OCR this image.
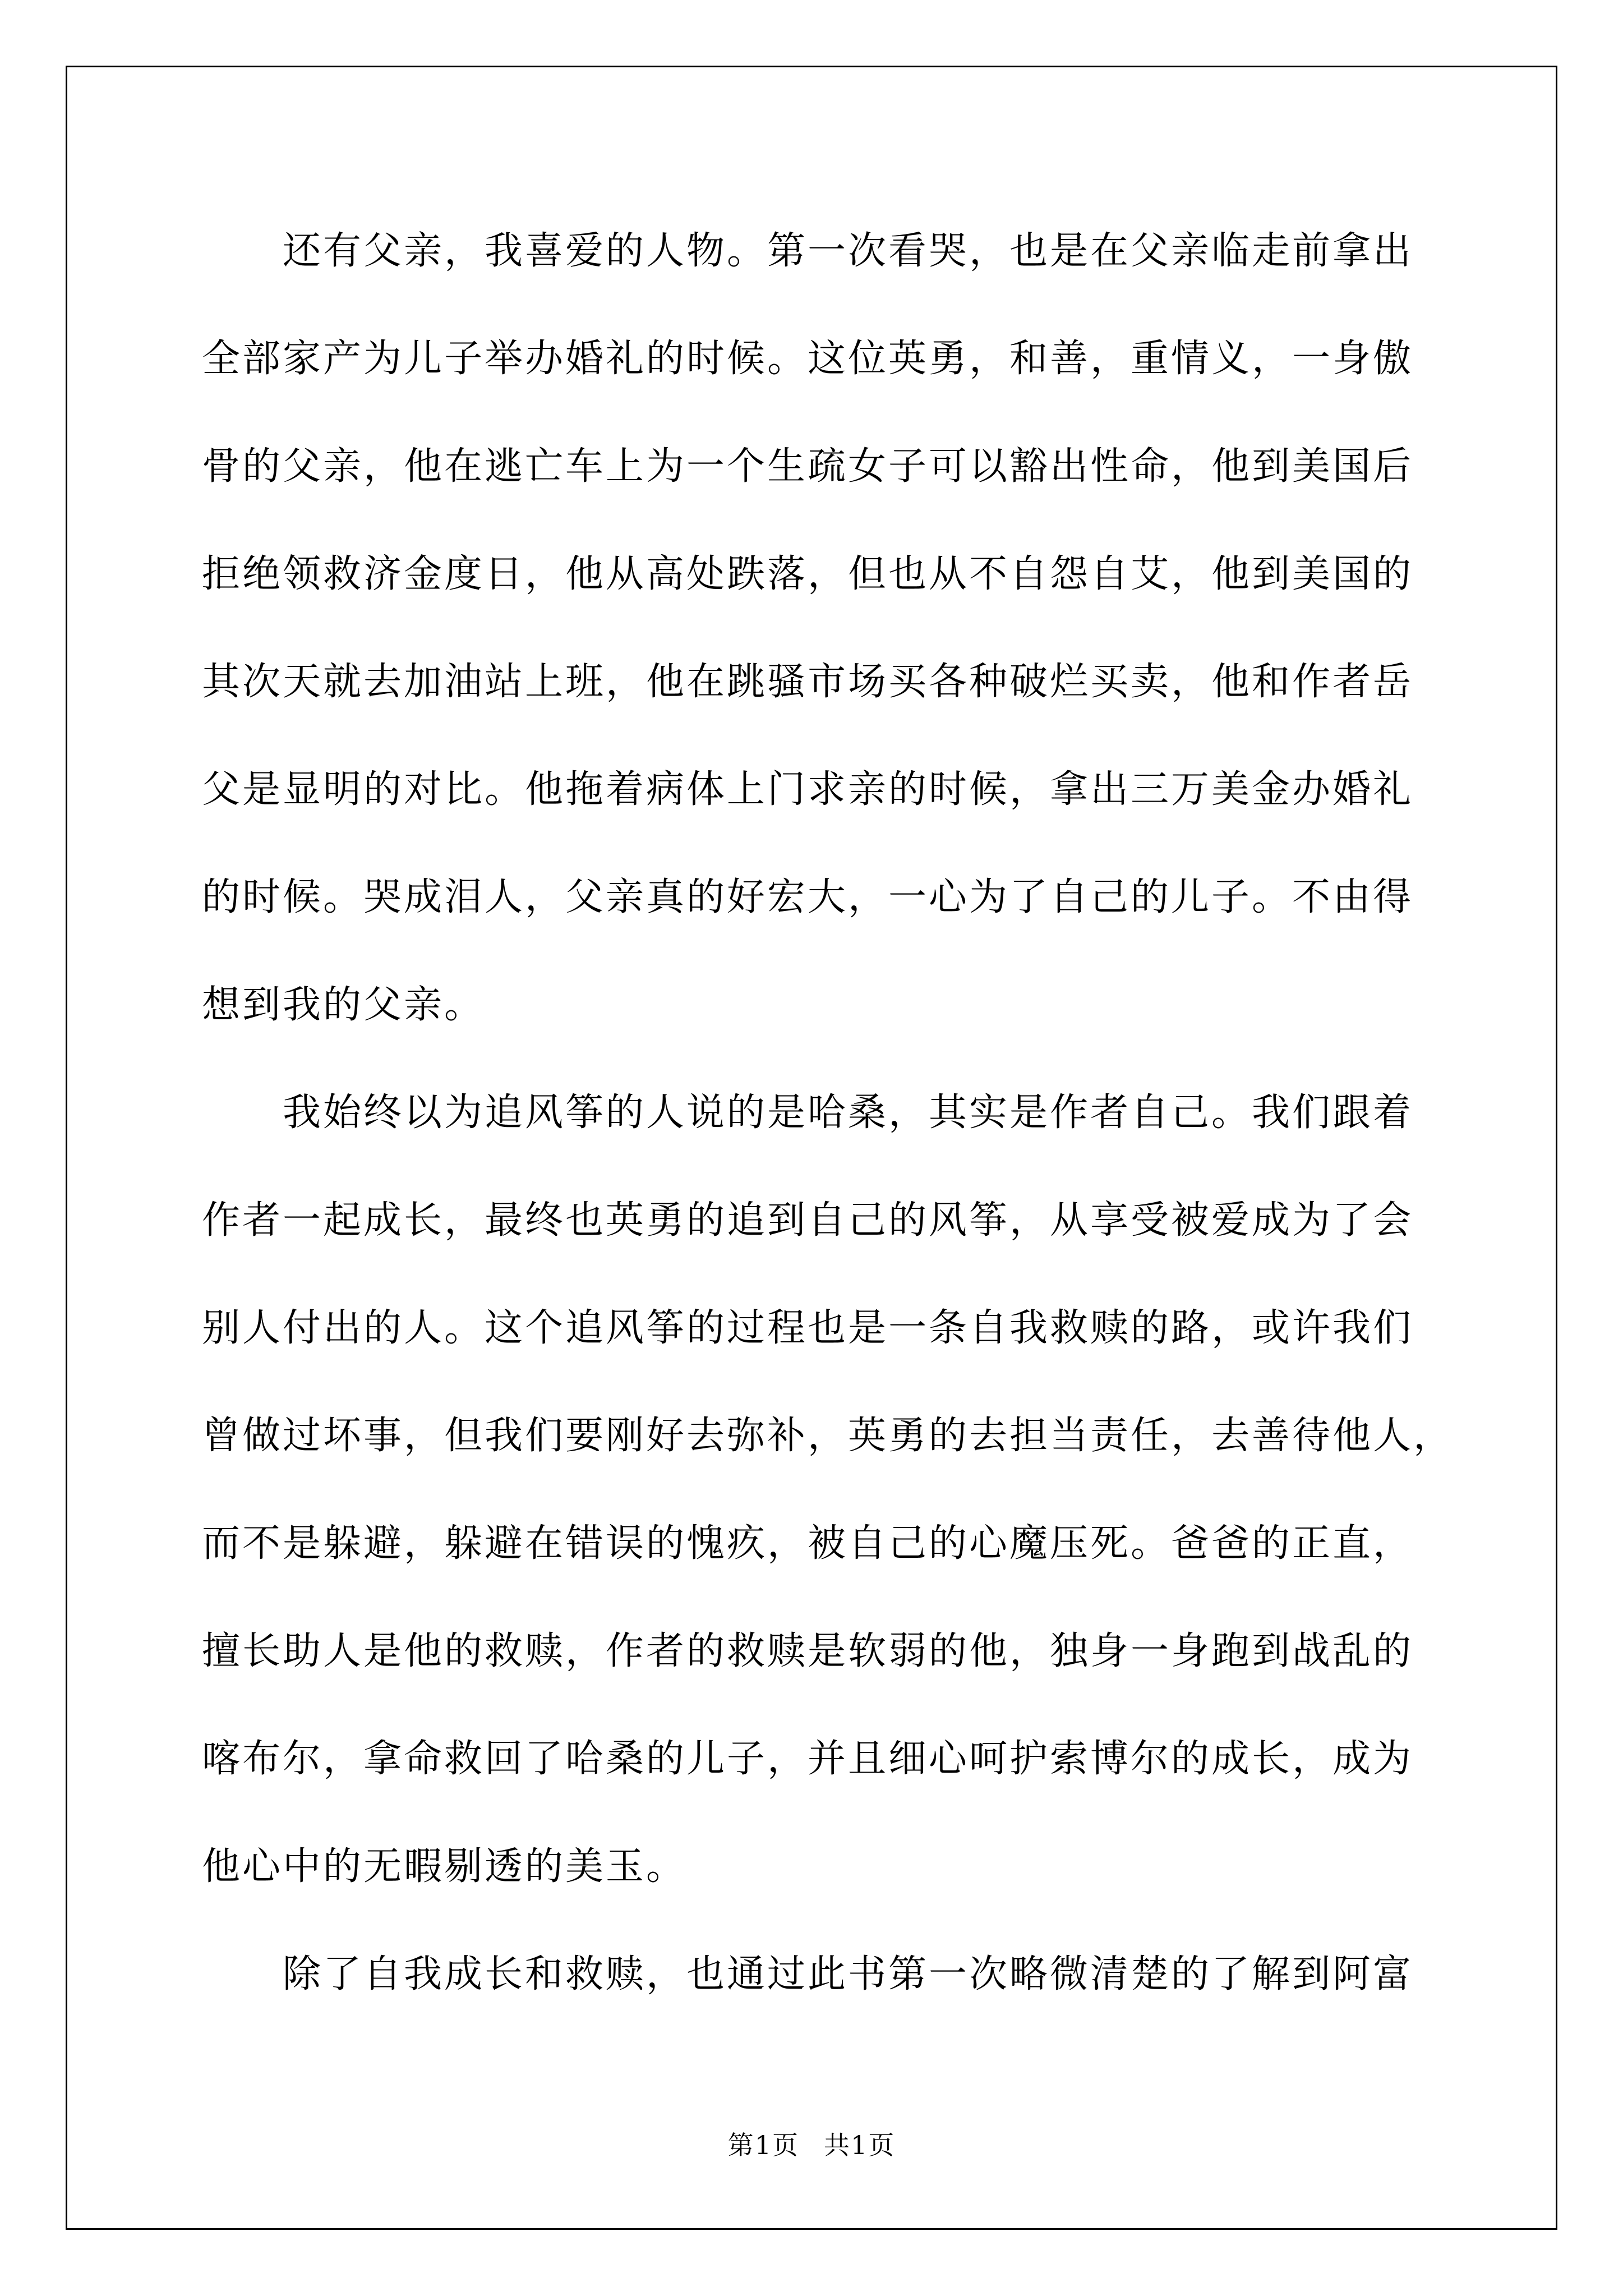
还有父亲，我喜爱的人物。第一次看哭，也是在父亲临走前拿出
全部家产为儿子举办婚礼的时候。这位英勇，和善，重情义，一身傲
骨的父亲，他在逃亡车上为一个生疏女子可以豁出性命，他到美国后
拒绝领救济金度日，他从高处跌落，但也从不自怨自艾，他到美国的
其次天就去加油站上班，他在跳骚市场买各种破烂买卖，他和作者岳
父是显明的对比。他拖着病体上门求亲的时候，拿出三万美金办婚礼
的时候。哭成泪人，父亲真的好宏大，一心为了自己的儿子。不由得
想到我的父亲。
我始终以为追风筝的人说的是哈桑，其实是作者自己。我们跟着
作者一起成长，最终也英勇的追到自己的风筝，从享受被爱成为了会
别人付出的人。这个追风筝的过程也是一条自我救赎的路，或许我们
曾做过坏事，但我们要刚好去弥补，英勇的去担当责任，去善待他人，
而不是躲避，躲避在错误的愧疚，被自己的心魔压死。爸爸的正直，
擅长助人是他的救赎，作者的救赎是软弱的他，独身一身跑到战乱的
喀布尔，拿命救回了哈桑的儿子，并且细心呵护索博尔的成长，成为
他心中的无暇剔透的美玉。
除了自我成长和救赎，也通过此书第一次略微清楚的了解到阿富
第1页 共1页
